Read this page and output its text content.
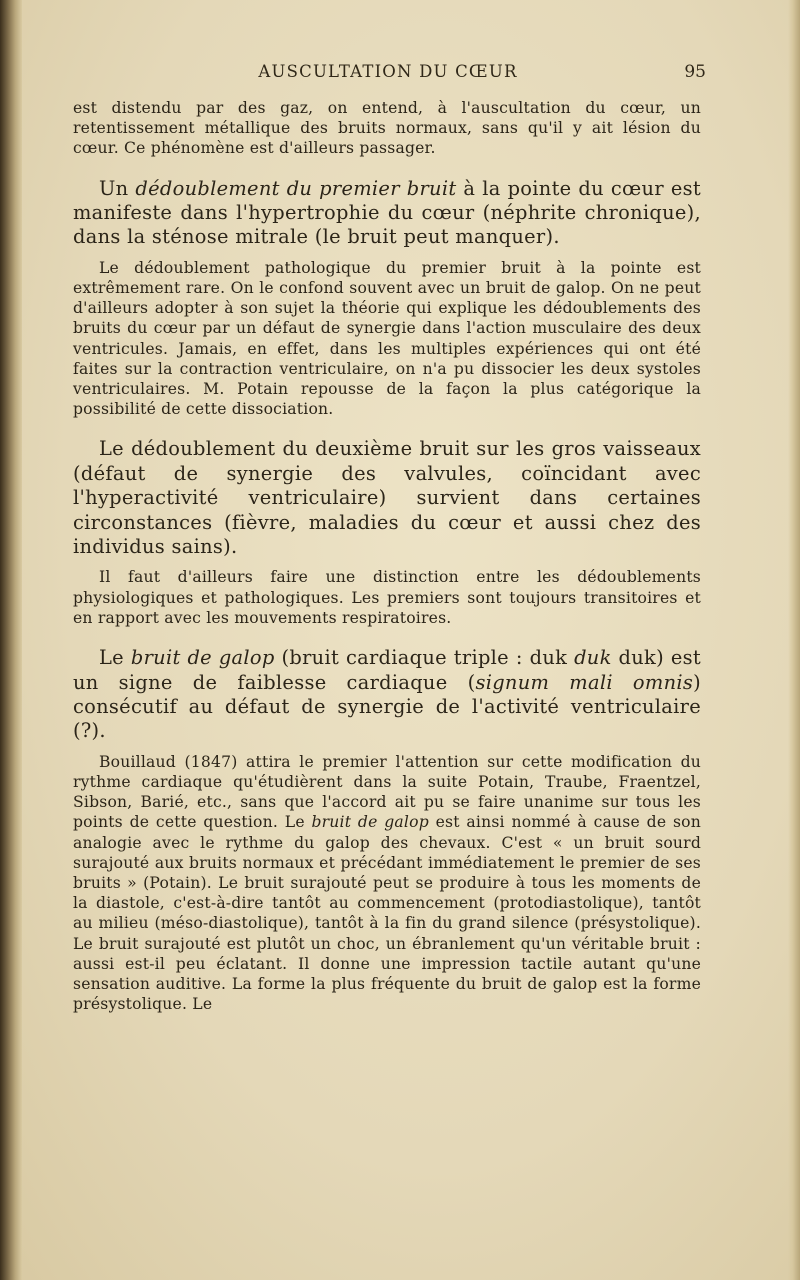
AUSCULTATION DU CŒUR	95

est distendu par des gaz, on entend, à l'auscultation du cœur, un retentissement métallique des bruits normaux, sans qu'il y ait lésion du cœur. Ce phénomène est d'ailleurs passager.

Un dédoublement du premier bruit à la pointe du cœur est manifeste dans l'hypertrophie du cœur (néphrite chronique), dans la sténose mitrale (le bruit peut manquer).

Le dédoublement pathologique du premier bruit à la pointe est extrêmement rare. On le confond souvent avec un bruit de galop. On ne peut d'ailleurs adopter à son sujet la théorie qui explique les dédoublements des bruits du cœur par un défaut de synergie dans l'action musculaire des deux ventricules. Jamais, en effet, dans les multiples expériences qui ont été faites sur la contraction ventriculaire, on n'a pu dissocier les deux systoles ventriculaires. M. Potain repousse de la façon la plus catégorique la possibilité de cette dissociation.

Le dédoublement du deuxième bruit sur les gros vaisseaux (défaut de synergie des valvules, coïncidant avec l'hyperactivité ventriculaire) survient dans certaines circonstances (fièvre, maladies du cœur et aussi chez des individus sains).

Il faut d'ailleurs faire une distinction entre les dédoublements physiologiques et pathologiques. Les premiers sont toujours transitoires et en rapport avec les mouvements respiratoires.

Le bruit de galop (bruit cardiaque triple : duk duk duk) est un signe de faiblesse cardiaque (signum mali omnis) consécutif au défaut de synergie de l'activité ventriculaire (?).

Bouillaud (1847) attira le premier l'attention sur cette modification du rythme cardiaque qu'étudièrent dans la suite Potain, Traube, Fraentzel, Sibson, Barié, etc., sans que l'accord ait pu se faire unanime sur tous les points de cette question. Le bruit de galop est ainsi nommé à cause de son analogie avec le rythme du galop des chevaux. C'est « un bruit sourd surajouté aux bruits normaux et précédant immédiatement le premier de ses bruits » (Potain). Le bruit surajouté peut se produire à tous les moments de la diastole, c'est-à-dire tantôt au commencement (protodiastolique), tantôt au milieu (méso-diastolique), tantôt à la fin du grand silence (présystolique). Le bruit surajouté est plutôt un choc, un ébranlement qu'un véritable bruit : aussi est-il peu éclatant. Il donne une impression tactile autant qu'une sensation auditive. La forme la plus fréquente du bruit de galop est la forme présystolique. Le
